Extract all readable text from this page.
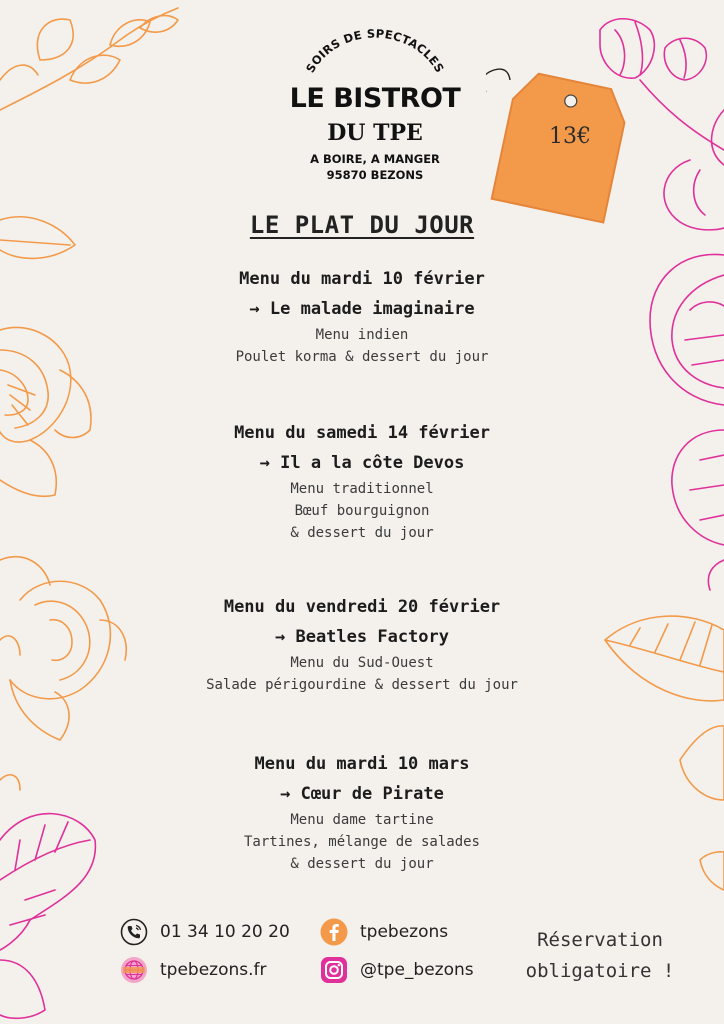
SOIRS DE SPECTACLES
LE BISTROT
DU TPE
A BOIRE, A MANGER
95870 BEZONS
13€
LE PLAT DU JOUR
Menu du mardi 10 février
→ Le malade imaginaire
Menu indien
Poulet korma & dessert du jour
Menu du samedi 14 février
→ Il a la côte Devos
Menu traditionnel
Bœuf bourguignon
& dessert du jour
Menu du vendredi 20 février
→ Beatles Factory
Menu du Sud-Ouest
Salade périgourdine & dessert du jour
Menu du mardi 10 mars
→ Cœur de Pirate
Menu dame tartine
Tartines, mélange de salades
& dessert du jour
01 34 10 20 20
tpebezons.fr
tpebezons
@tpe_bezons
Réservation
obligatoire !
